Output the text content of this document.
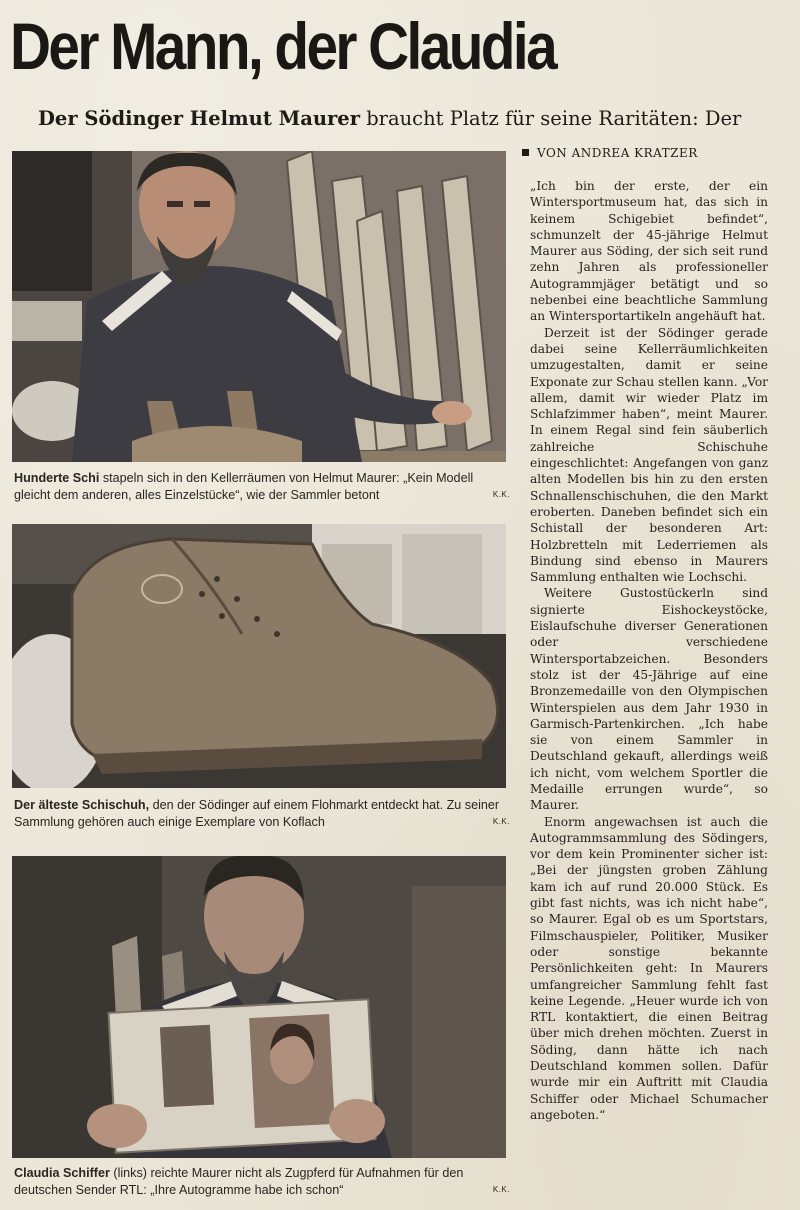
Der Mann, der Claudia
Der Södinger Helmut Maurer braucht Platz für seine Raritäten: Der
Hunderte Schi stapeln sich in den Kellerräumen von Helmut Maurer: „Kein Modell gleicht dem anderen, alles Einzelstücke“, wie der Sammler betont	K.K.
Der älteste Schischuh, den der Södinger auf einem Flohmarkt entdeckt hat. Zu seiner Sammlung gehören auch einige Exemplare von Koflach	K.K.
Claudia Schiffer (links) reichte Maurer nicht als Zugpferd für Aufnahmen für den deutschen Sender RTL: „Ihre Autogramme habe ich schon“	K.K.
VON ANDREA KRATZER

„Ich bin der erste, der ein Wintersportmuseum hat, das sich in keinem Schigebiet befindet“, schmunzelt der 45-jährige Helmut Maurer aus Söding, der sich seit rund zehn Jahren als professioneller Autogrammjäger betätigt und so nebenbei eine beachtliche Sammlung an Wintersportartikeln angehäuft hat.

Derzeit ist der Södinger gerade dabei seine Kellerräumlichkeiten umzugestalten, damit er seine Exponate zur Schau stellen kann. „Vor allem, damit wir wieder Platz im Schlafzimmer haben“, meint Maurer. In einem Regal sind fein säuberlich zahlreiche Schischuhe eingeschlichtet: Angefangen von ganz alten Modellen bis hin zu den ersten Schnallenschischuhen, die den Markt eroberten. Daneben befindet sich ein Schistall der besonderen Art: Holzbretteln mit Lederriemen als Bindung sind ebenso in Maurers Sammlung enthalten wie Lochschi.

Weitere Gustostückerln sind signierte Eishockeystöcke, Eislaufschuhe diverser Generationen oder verschiedene Wintersportabzeichen. Besonders stolz ist der 45-Jährige auf eine Bronzemedaille von den Olympischen Winterspielen aus dem Jahr 1930 in Garmisch-Partenkirchen. „Ich habe sie von einem Sammler in Deutschland gekauft, allerdings weiß ich nicht, vom welchem Sportler die Medaille errungen wurde“, so Maurer.

Enorm angewachsen ist auch die Autogrammsammlung des Södingers, vor dem kein Prominenter sicher ist: „Bei der jüngsten groben Zählung kam ich auf rund 20.000 Stück. Es gibt fast nichts, was ich nicht habe“, so Maurer. Egal ob es um Sportstars, Filmschauspieler, Politiker, Musiker oder sonstige bekannte Persönlichkeiten geht: In Maurers umfangreicher Sammlung fehlt fast keine Legende. „Heuer wurde ich von RTL kontaktiert, die einen Beitrag über mich drehen möchten. Zuerst in Söding, dann hätte ich nach Deutschland kommen sollen. Dafür wurde mir ein Auftritt mit Claudia Schiffer oder Michael Schumacher angeboten.“
